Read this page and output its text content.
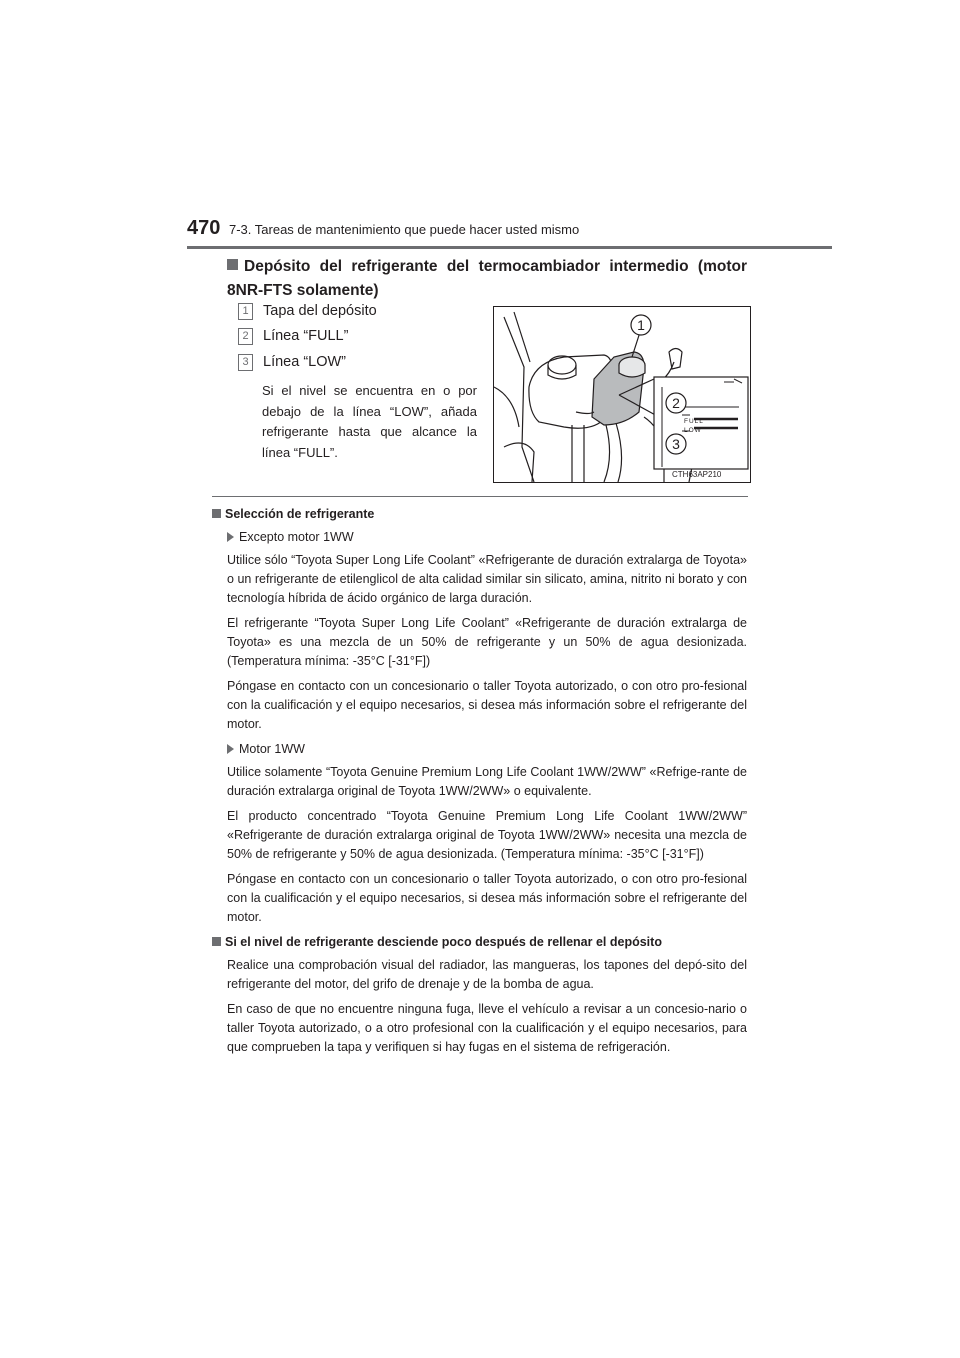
470 7-3. Tareas de mantenimiento que puede hacer usted mismo
Depósito del refrigerante del termocambiador intermedio (motor 8NR-FTS solamente)
1 Tapa del depósito
2 Línea “FULL”
3 Línea “LOW”
Si el nivel se encuentra en o por debajo de la línea “LOW”, añada refrigerante hasta que alcance la línea “FULL”.
1
2
3
FULL
LOW
CTH63AP210
Selección de refrigerante
Excepto motor 1WW

Utilice sólo “Toyota Super Long Life Coolant” «Refrigerante de duración extralarga de Toyota» o un refrigerante de etilenglicol de alta calidad similar sin silicato, amina, nitrito ni borato y con tecnología híbrida de ácido orgánico de larga duración.

El refrigerante “Toyota Super Long Life Coolant” «Refrigerante de duración extralarga de Toyota» es una mezcla de un 50% de refrigerante y un 50% de agua desionizada. (Temperatura mínima: -35°C [-31°F])

Póngase en contacto con un concesionario o taller Toyota autorizado, o con otro pro-fesional con la cualificación y el equipo necesarios, si desea más información sobre el refrigerante del motor.

Motor 1WW

Utilice solamente “Toyota Genuine Premium Long Life Coolant 1WW/2WW” «Refrige-rante de duración extralarga original de Toyota 1WW/2WW» o equivalente.

El producto concentrado “Toyota Genuine Premium Long Life Coolant 1WW/2WW” «Refrigerante de duración extralarga original de Toyota 1WW/2WW» necesita una mezcla de 50% de refrigerante y 50% de agua desionizada. (Temperatura mínima: -35°C [-31°F])

Póngase en contacto con un concesionario o taller Toyota autorizado, o con otro pro-fesional con la cualificación y el equipo necesarios, si desea más información sobre el refrigerante del motor.

Si el nivel de refrigerante desciende poco después de rellenar el depósito

Realice una comprobación visual del radiador, las mangueras, los tapones del depó-sito del refrigerante del motor, del grifo de drenaje y de la bomba de agua.

En caso de que no encuentre ninguna fuga, lleve el vehículo a revisar a un concesio-nario o taller Toyota autorizado, o a otro profesional con la cualificación y el equipo necesarios, para que comprueben la tapa y verifiquen si hay fugas en el sistema de refrigeración.
